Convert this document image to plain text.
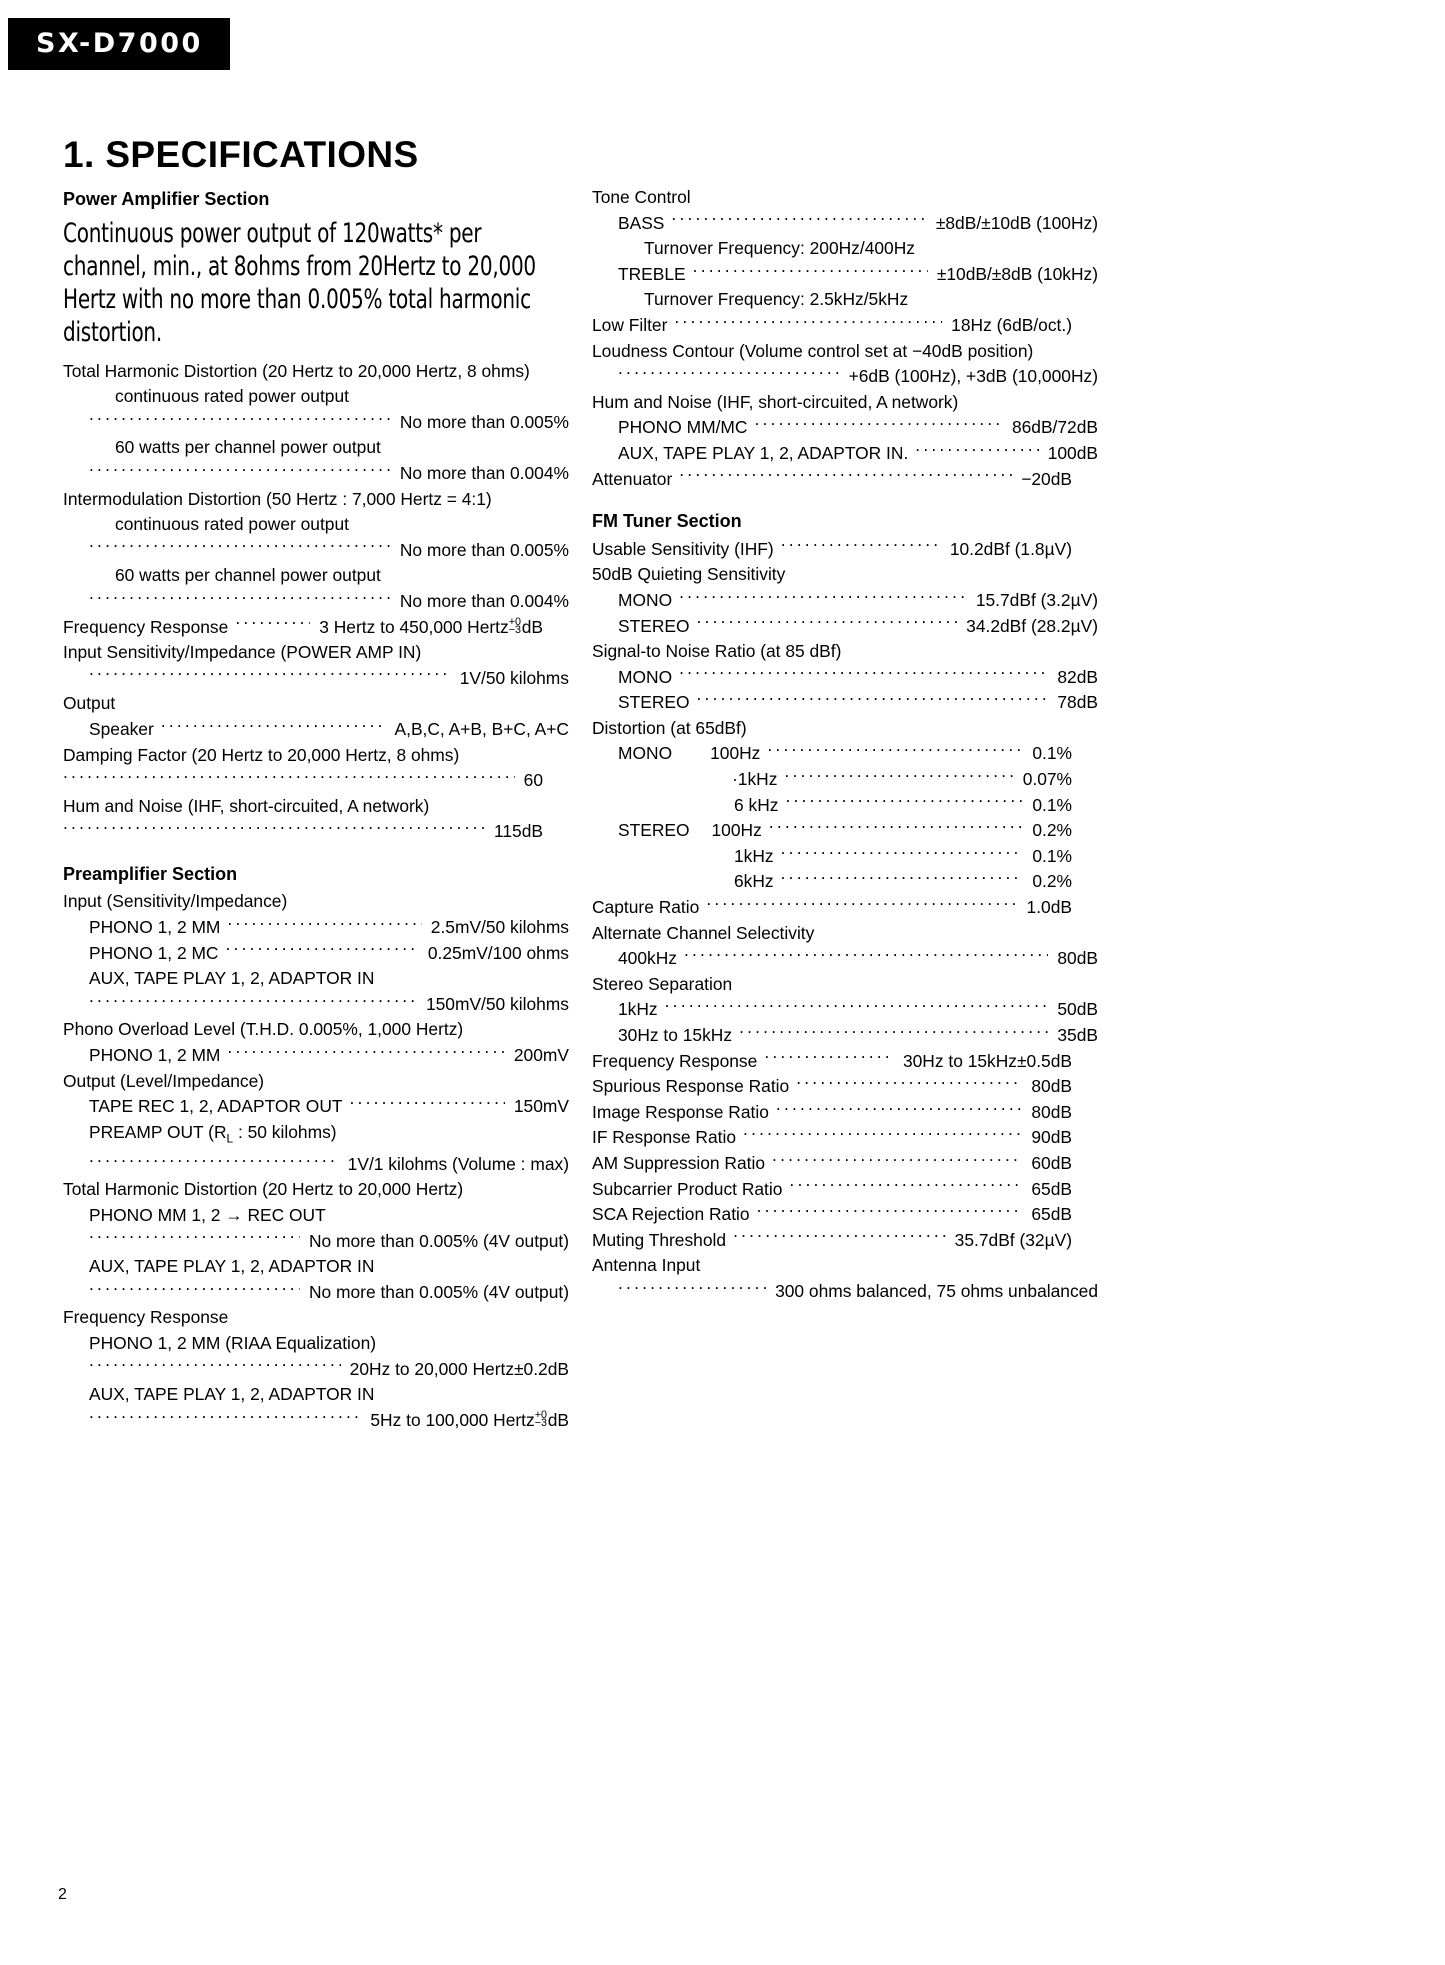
SX-D7000
1. SPECIFICATIONS
Power Amplifier Section
Continuous power output of 120watts* per channel, min., at 8ohms from 20Hertz to 20,000 Hertz with no more than 0.005% total harmonic distortion.
Total Harmonic Distortion (20 Hertz to 20,000 Hertz, 8 ohms)
continuous rated power output
.....
No more than 0.005%
60 watts per channel power output
.....
No more than 0.004%
Intermodulation Distortion (50 Hertz : 7,000 Hertz = 4:1)
continuous rated power output
.....
No more than 0.005%
60 watts per channel power output
.....
No more than 0.004%
Frequency Response .....	3 Hertz to 450,000 Hertz +0
−3 dB
Input Sensitivity/Impedance (POWER AMP IN)
.....
1V/50 kilohms
Output
Speaker .....	A,B,C, A+B, B+C, A+C
Damping Factor (20 Hertz to 20,000 Hertz, 8 ohms)
.....
60
Hum and Noise (IHF, short-circuited, A network)
.....
115dB
Preamplifier Section
Input (Sensitivity/Impedance)
PHONO 1, 2 MM .....	2.5mV/50 kilohms
PHONO 1, 2 MC .....	0.25mV/100 ohms
AUX, TAPE PLAY 1, 2, ADAPTOR IN
.....
150mV/50 kilohms
Phono Overload Level (T.H.D. 0.005%, 1,000 Hertz)
PHONO 1, 2 MM .....	200mV
Output (Level/Impedance)
TAPE REC 1, 2, ADAPTOR OUT .....	150mV
PREAMP OUT ($R_L$ : 50 kilohms)
.....
1V/1 kilohms (Volume : max)
Total Harmonic Distortion (20 Hertz to 20,000 Hertz)
PHONO MM 1, 2 → REC OUT
.....
No more than 0.005% (4V output)
AUX, TAPE PLAY 1, 2, ADAPTOR IN
.....
No more than 0.005% (4V output)
Frequency Response
PHONO 1, 2 MM (RIAA Equalization)
.....
20Hz to 20,000 Hertz±0.2dB
AUX, TAPE PLAY 1, 2, ADAPTOR IN
.....
5Hz to 100,000 Hertz +0
−3 dB
Tone Control
BASS .....	±8dB/±10dB (100Hz)
Turnover Frequency: 200Hz/400Hz
TREBLE .....	±10dB/±8dB (10kHz)
Turnover Frequency: 2.5kHz/5kHz
Low Filter .....	18Hz (6dB/oct.)
Loudness Contour (Volume control set at −40dB position)
.....
+6dB (100Hz), +3dB (10,000Hz)
Hum and Noise (IHF, short-circuited, A network)
PHONO MM/MC .....	86dB/72dB
AUX, TAPE PLAY 1, 2, ADAPTOR IN. .....	100dB
Attenuator .....	−20dB
FM Tuner Section
Usable Sensitivity (IHF) .....	10.2dBf (1.8µV)
50dB Quieting Sensitivity
MONO .....	15.7dBf (3.2µV)
STEREO .....	34.2dBf (28.2µV)
Signal-to Noise Ratio (at 85 dBf)
MONO .....	82dB
STEREO .....	78dB
Distortion (at 65dBf)
MONO	100Hz .....	0.1%
·1kHz .....	0.07%
6 kHz .....	0.1%
STEREO	100Hz .....	0.2%
1kHz .....	0.1%
6kHz .....	0.2%
Capture Ratio .....	1.0dB
Alternate Channel Selectivity
400kHz .....	80dB
Stereo Separation
1kHz .....	50dB
30Hz to 15kHz .....	35dB
Frequency Response .....	30Hz to 15kHz±0.5dB
Spurious Response Ratio .....	80dB
Image Response Ratio .....	80dB
IF Response Ratio .....	90dB
AM Suppression Ratio .....	60dB
Subcarrier Product Ratio .....	65dB
SCA Rejection Ratio .....	65dB
Muting Threshold .....	35.7dBf (32µV)
Antenna Input
.....
300 ohms balanced, 75 ohms unbalanced
2
